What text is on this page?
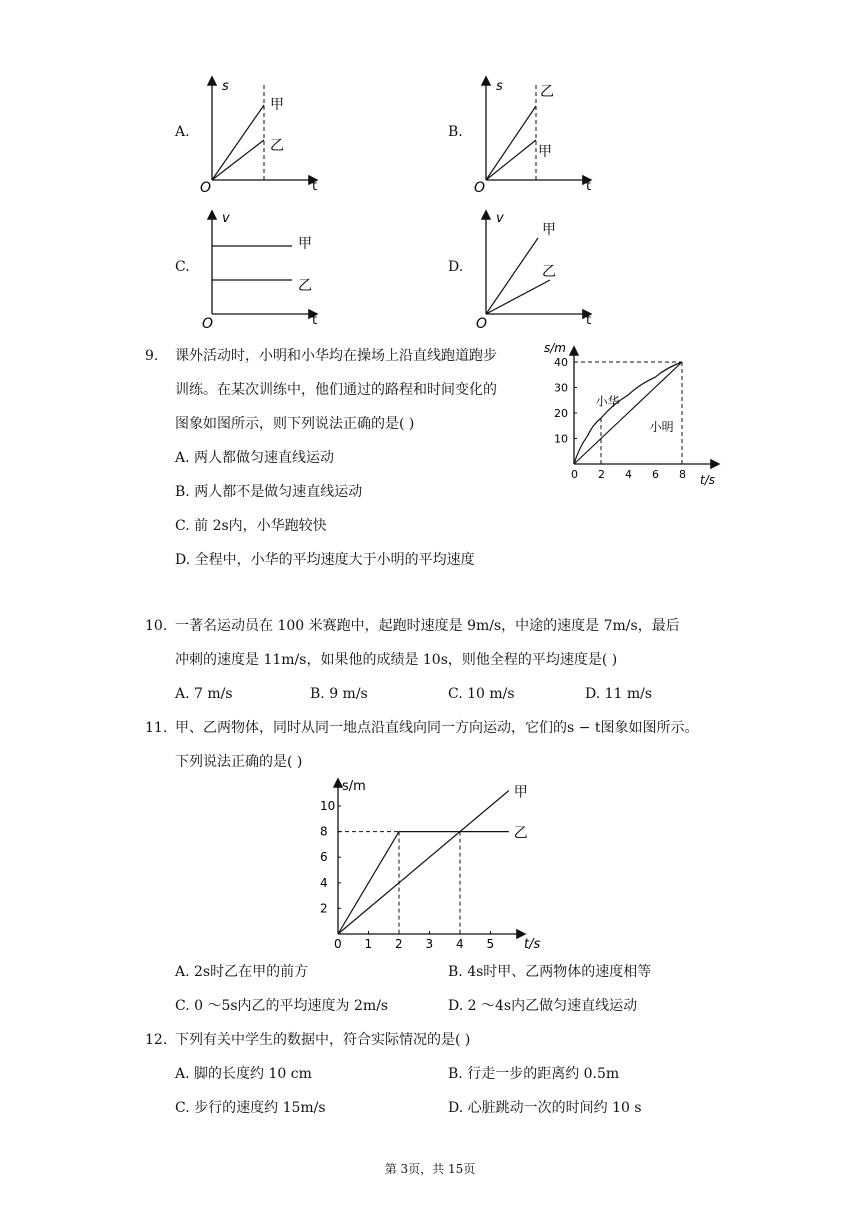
A.
s
t
O
甲
乙
B.
s
t
O
乙
甲
C.
v
t
O
甲
乙
D.
v
t
O
甲
乙
9. 课外活动时，小明和小华均在操场上沿直线跑道跑步
训练。在某次训练中，他们通过的路程和时间变化的
图象如图所示，则下列说法正确的是( )
A. 两人都做匀速直线运动
B. 两人都不是做匀速直线运动
C. 前 2s内，小华跑较快
D. 全程中，小华的平均速度大于小明的平均速度
s/m
t/s
0 2 4 6 8
10
20
30
40
小华
小明
10. 一著名运动员在 100 米赛跑中，起跑时速度是 9m/s，中途的速度是 7m/s，最后
冲刺的速度是 11m/s，如果他的成绩是 10s，则他全程的平均速度是( )
A. 7 m/s	B. 9 m/s	C. 10 m/s	D. 11 m/s
11. 甲、乙两物体，同时从同一地点沿直线向同一方向运动，它们的s − t图象如图所示。
下列说法正确的是( )
s/m
t/s
0 1 2 3 4 5
2
4
6
8
10
甲
乙
A. 2s时乙在甲的前方	B. 4s时甲、乙两物体的速度相等
C. 0 ～5s内乙的平均速度为 2m/s	D. 2 ～4s内乙做匀速直线运动
12. 下列有关中学生的数据中，符合实际情况的是( )
A. 脚的长度约 10 cm	B. 行走一步的距离约 0.5m
C. 步行的速度约 15m/s	D. 心脏跳动一次的时间约 10 s
第 3页，共 15页
